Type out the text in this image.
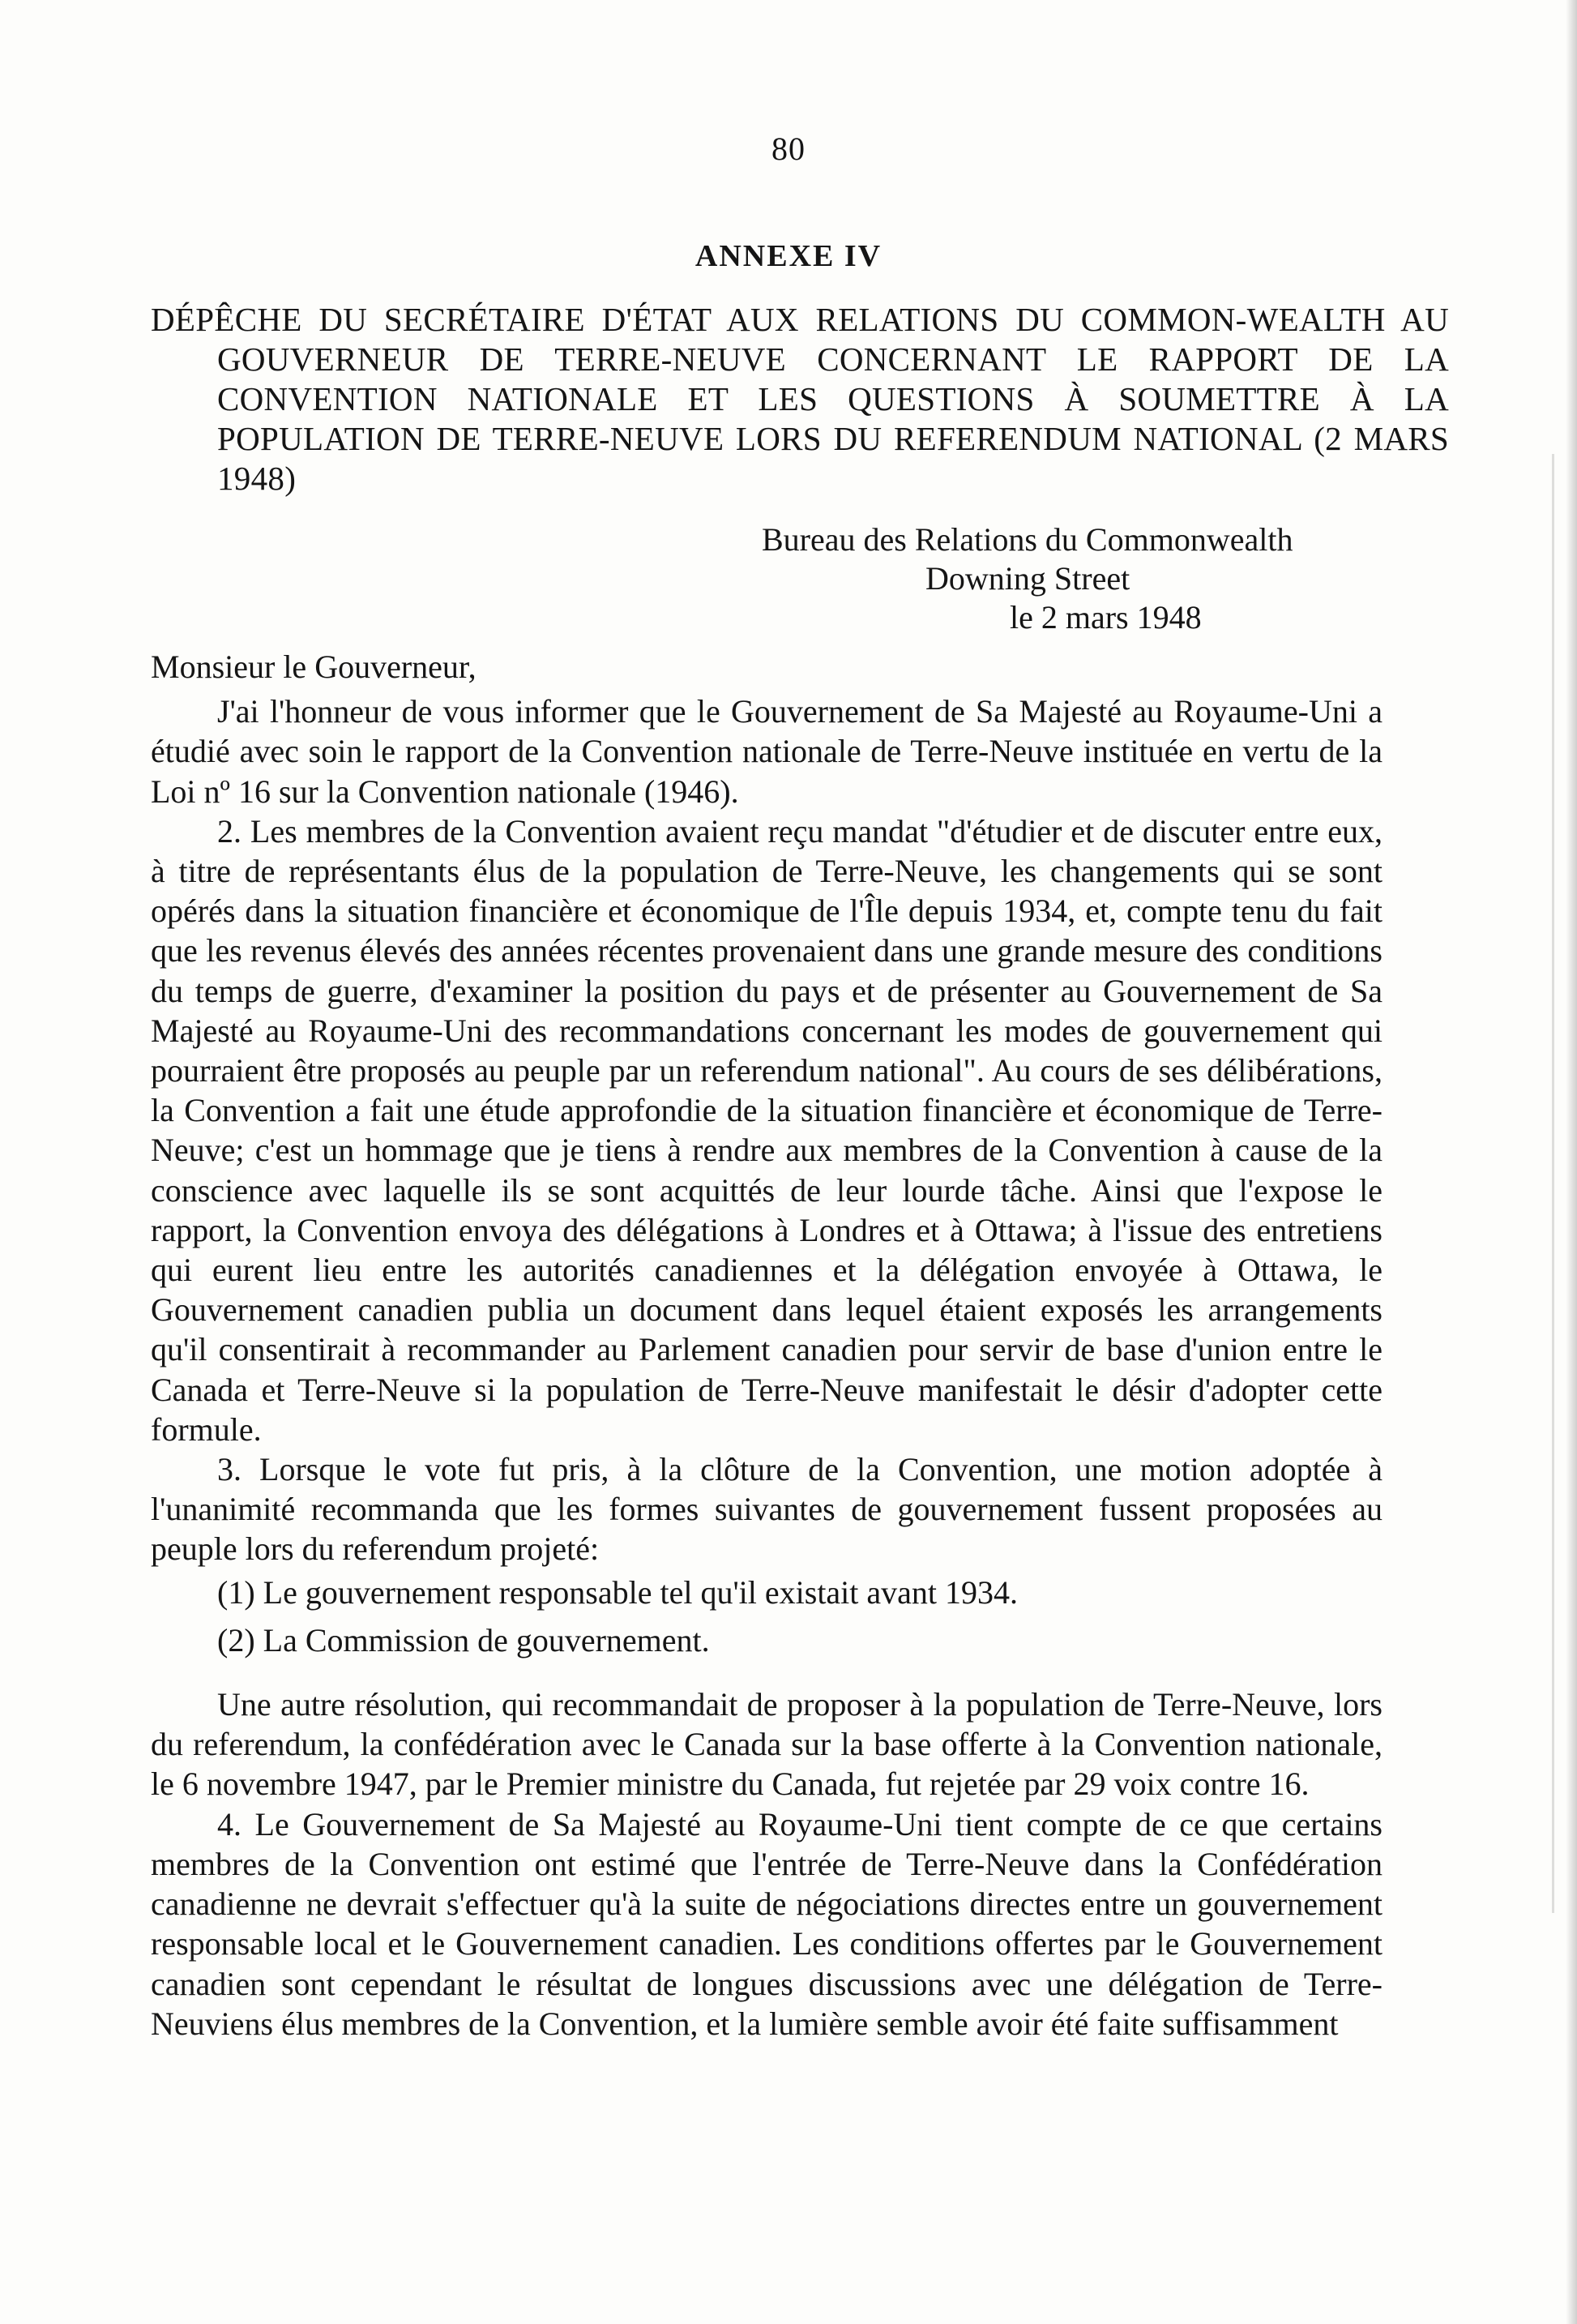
80
ANNEXE IV
DÉPÊCHE DU SECRÉTAIRE D'ÉTAT AUX RELATIONS DU COMMON-WEALTH AU GOUVERNEUR DE TERRE-NEUVE CONCERNANT LE RAPPORT DE LA CONVENTION NATIONALE ET LES QUESTIONS À SOUMETTRE À LA POPULATION DE TERRE-NEUVE LORS DU REFERENDUM NATIONAL (2 MARS 1948)
Bureau des Relations du Commonwealth
Downing Street
le 2 mars 1948

Monsieur le Gouverneur,

J'ai l'honneur de vous informer que le Gouvernement de Sa Majesté au Royaume-Uni a étudié avec soin le rapport de la Convention nationale de Terre-Neuve instituée en vertu de la Loi nº 16 sur la Convention nationale (1946).

2. Les membres de la Convention avaient reçu mandat "d'étudier et de discuter entre eux, à titre de représentants élus de la population de Terre-Neuve, les changements qui se sont opérés dans la situation financière et économique de l'Île depuis 1934, et, compte tenu du fait que les revenus élevés des années récentes provenaient dans une grande mesure des conditions du temps de guerre, d'examiner la position du pays et de présenter au Gouvernement de Sa Majesté au Royaume-Uni des recommandations concernant les modes de gouvernement qui pourraient être proposés au peuple par un referendum national". Au cours de ses délibérations, la Convention a fait une étude approfondie de la situation financière et économique de Terre-Neuve; c'est un hommage que je tiens à rendre aux membres de la Convention à cause de la conscience avec laquelle ils se sont acquittés de leur lourde tâche. Ainsi que l'expose le rapport, la Convention envoya des délégations à Londres et à Ottawa; à l'issue des entretiens qui eurent lieu entre les autorités canadiennes et la délégation envoyée à Ottawa, le Gouvernement canadien publia un document dans lequel étaient exposés les arrangements qu'il consentirait à recommander au Parlement canadien pour servir de base d'union entre le Canada et Terre-Neuve si la population de Terre-Neuve manifestait le désir d'adopter cette formule.

3. Lorsque le vote fut pris, à la clôture de la Convention, une motion adoptée à l'unanimité recommanda que les formes suivantes de gouvernement fussent proposées au peuple lors du referendum projeté:

(1) Le gouvernement responsable tel qu'il existait avant 1934.

(2) La Commission de gouvernement.

Une autre résolution, qui recommandait de proposer à la population de Terre-Neuve, lors du referendum, la confédération avec le Canada sur la base offerte à la Convention nationale, le 6 novembre 1947, par le Premier ministre du Canada, fut rejetée par 29 voix contre 16.

4. Le Gouvernement de Sa Majesté au Royaume-Uni tient compte de ce que certains membres de la Convention ont estimé que l'entrée de Terre-Neuve dans la Confédération canadienne ne devrait s'effectuer qu'à la suite de négociations directes entre un gouvernement responsable local et le Gouvernement canadien. Les conditions offertes par le Gouvernement canadien sont cependant le résultat de longues discussions avec une délégation de Terre-Neuviens élus membres de la Convention, et la lumière semble avoir été faite suffisamment
